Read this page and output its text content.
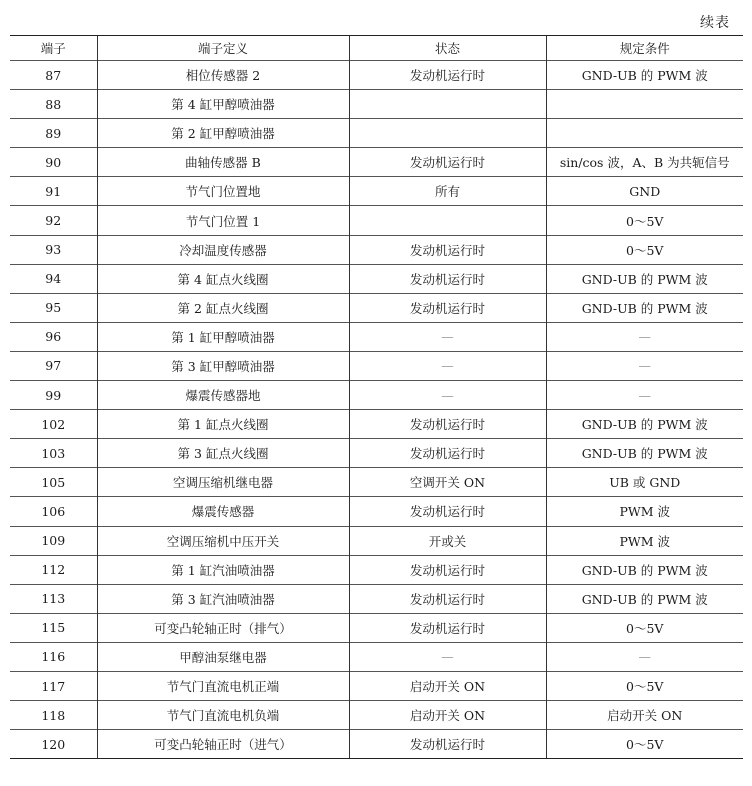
续表
端子	端子定义	状态	规定条件
87	相位传感器 2	发动机运行时	GND-UB 的 PWM 波
88	第 4 缸甲醇喷油器		
89	第 2 缸甲醇喷油器		
90	曲轴传感器 B	发动机运行时	sin/cos 波，A、B 为共轭信号
91	节气门位置地	所有	GND
92	节气门位置 1		0～5V
93	冷却温度传感器	发动机运行时	0～5V
94	第 4 缸点火线圈	发动机运行时	GND-UB 的 PWM 波
95	第 2 缸点火线圈	发动机运行时	GND-UB 的 PWM 波
96	第 1 缸甲醇喷油器	—	—
97	第 3 缸甲醇喷油器	—	—
99	爆震传感器地	—	—
102	第 1 缸点火线圈	发动机运行时	GND-UB 的 PWM 波
103	第 3 缸点火线圈	发动机运行时	GND-UB 的 PWM 波
105	空调压缩机继电器	空调开关 ON	UB 或 GND
106	爆震传感器	发动机运行时	PWM 波
109	空调压缩机中压开关	开或关	PWM 波
112	第 1 缸汽油喷油器	发动机运行时	GND-UB 的 PWM 波
113	第 3 缸汽油喷油器	发动机运行时	GND-UB 的 PWM 波
115	可变凸轮轴正时（排气）	发动机运行时	0～5V
116	甲醇油泵继电器	—	—
117	节气门直流电机正端	启动开关 ON	0～5V
118	节气门直流电机负端	启动开关 ON	启动开关 ON
120	可变凸轮轴正时（进气）	发动机运行时	0～5V
